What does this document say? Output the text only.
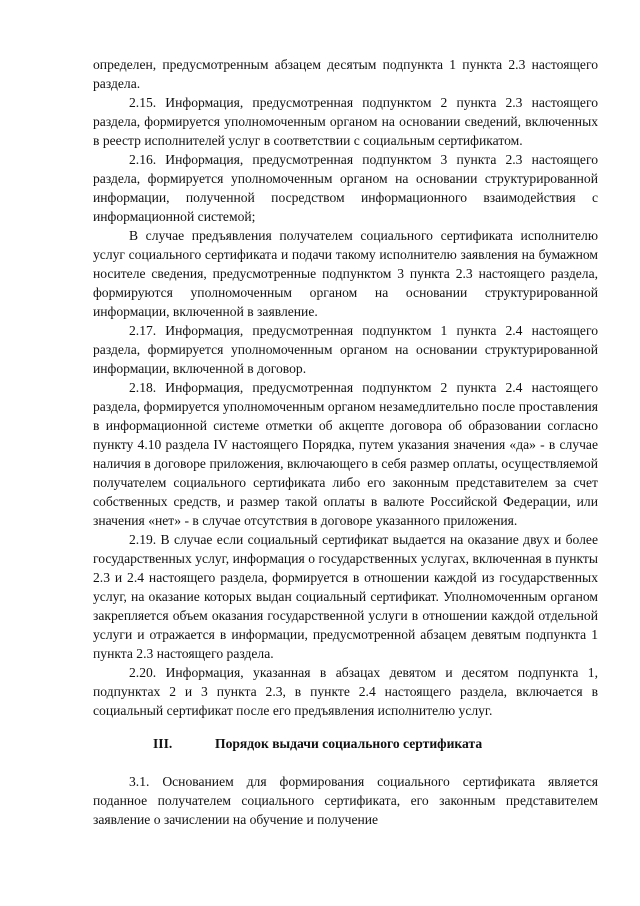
определен, предусмотренным абзацем десятым подпункта 1 пункта 2.3 настоящего раздела.

2.15. Информация, предусмотренная подпунктом 2 пункта 2.3 настоящего раздела, формируется уполномоченным органом на основании сведений, включенных в реестр исполнителей услуг в соответствии с социальным сертификатом.

2.16. Информация, предусмотренная подпунктом 3 пункта 2.3 настоящего раздела, формируется уполномоченным органом на основании структурированной информации, полученной посредством информационного взаимодействия с информационной системой;

В случае предъявления получателем социального сертификата исполнителю услуг социального сертификата и подачи такому исполнителю заявления на бумажном носителе сведения, предусмотренные подпунктом 3 пункта 2.3 настоящего раздела, формируются уполномоченным органом на основании структурированной информации, включенной в заявление.

2.17. Информация, предусмотренная подпунктом 1 пункта 2.4 настоящего раздела, формируется уполномоченным органом на основании структурированной информации, включенной в договор.

2.18. Информация, предусмотренная подпунктом 2 пункта 2.4 настоящего раздела, формируется уполномоченным органом незамедлительно после проставления в информационной системе отметки об акцепте договора об образовании согласно пункту 4.10 раздела IV настоящего Порядка, путем указания значения «да» - в случае наличия в договоре приложения, включающего в себя размер оплаты, осуществляемой получателем социального сертификата либо его законным представителем за счет собственных средств, и размер такой оплаты в валюте Российской Федерации, или значения «нет» - в случае отсутствия в договоре указанного приложения.

2.19. В случае если социальный сертификат выдается на оказание двух и более государственных услуг, информация о государственных услугах, включенная в пункты 2.3 и 2.4 настоящего раздела, формируется в отношении каждой из государственных услуг, на оказание которых выдан социальный сертификат. Уполномоченным органом закрепляется объем оказания государственной услуги в отношении каждой отдельной услуги и отражается в информации, предусмотренной абзацем девятым подпункта 1 пункта 2.3 настоящего раздела.

2.20. Информация, указанная в абзацах девятом и десятом подпункта 1, подпунктах 2 и 3 пункта 2.3, в пункте 2.4 настоящего раздела, включается в социальный сертификат после его предъявления исполнителю услуг.

III.	Порядок выдачи социального сертификата

3.1. Основанием для формирования социального сертификата является поданное получателем социального сертификата, его законным представителем заявление о зачислении на обучение и получение
